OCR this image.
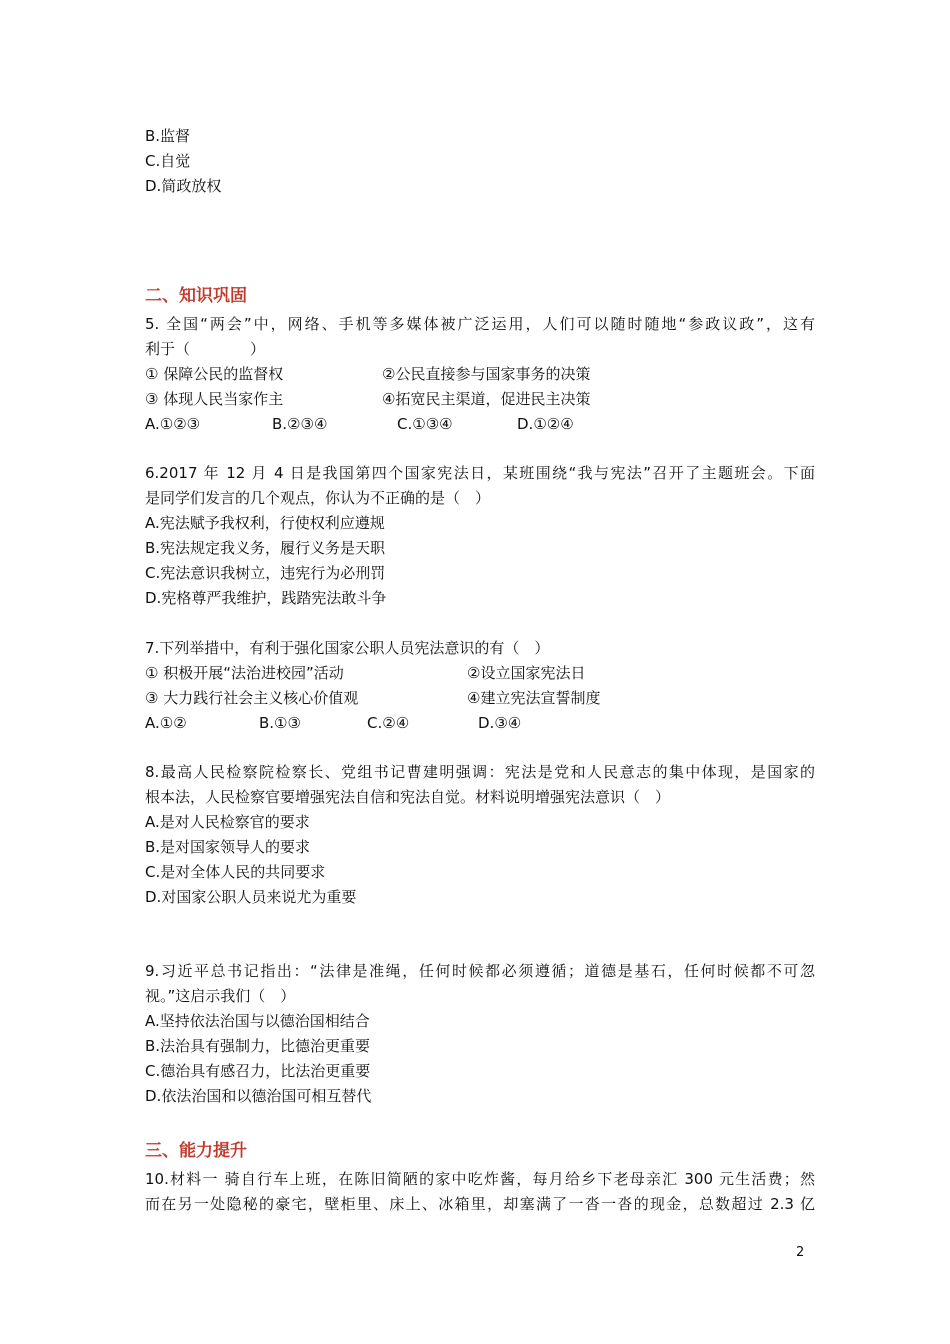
B.监督
C.自觉
D.简政放权
二、知识巩固
5. 全国“两会”中，网络、手机等多媒体被广泛运用，人们可以随时随地“参政议政”，这有
利于（　　　　）
① 保障公民的监督权	②公民直接参与国家事务的决策
③ 体现人民当家作主	④拓宽民主渠道，促进民主决策
A.①②③	B.②③④	C.①③④	D.①②④
6.2017 年 12 月 4 日是我国第四个国家宪法日，某班围绕“我与宪法”召开了主题班会。下面
是同学们发言的几个观点，你认为不正确的是（　）
A.宪法赋予我权利，行使权利应遵规
B.宪法规定我义务，履行义务是天职
C.宪法意识我树立，违宪行为必刑罚
D.宪格尊严我维护，践踏宪法敢斗争
7.下列举措中，有利于强化国家公职人员宪法意识的有（　）
① 积极开展“法治进校园”活动	②设立国家宪法日
③ 大力践行社会主义核心价值观	④建立宪法宣誓制度
A.①②	B.①③	C.②④	D.③④
8.最高人民检察院检察长、党组书记曹建明强调：宪法是党和人民意志的集中体现，是国家的
根本法，人民检察官要增强宪法自信和宪法自觉。材料说明增强宪法意识（　）
A.是对人民检察官的要求
B.是对国家领导人的要求
C.是对全体人民的共同要求
D.对国家公职人员来说尤为重要
9.习近平总书记指出：“法律是准绳，任何时候都必须遵循；道德是基石，任何时候都不可忽
视。”这启示我们（　）
A.坚持依法治国与以德治国相结合
B.法治具有强制力，比德治更重要
C.德治具有感召力，比法治更重要
D.依法治国和以德治国可相互替代
三、能力提升
10.材料一 骑自行车上班，在陈旧简陋的家中吃炸酱，每月给乡下老母亲汇 300 元生活费；然
而在另一处隐秘的豪宅，壁柜里、床上、冰箱里，却塞满了一沓一沓的现金，总数超过 2.3 亿
2
